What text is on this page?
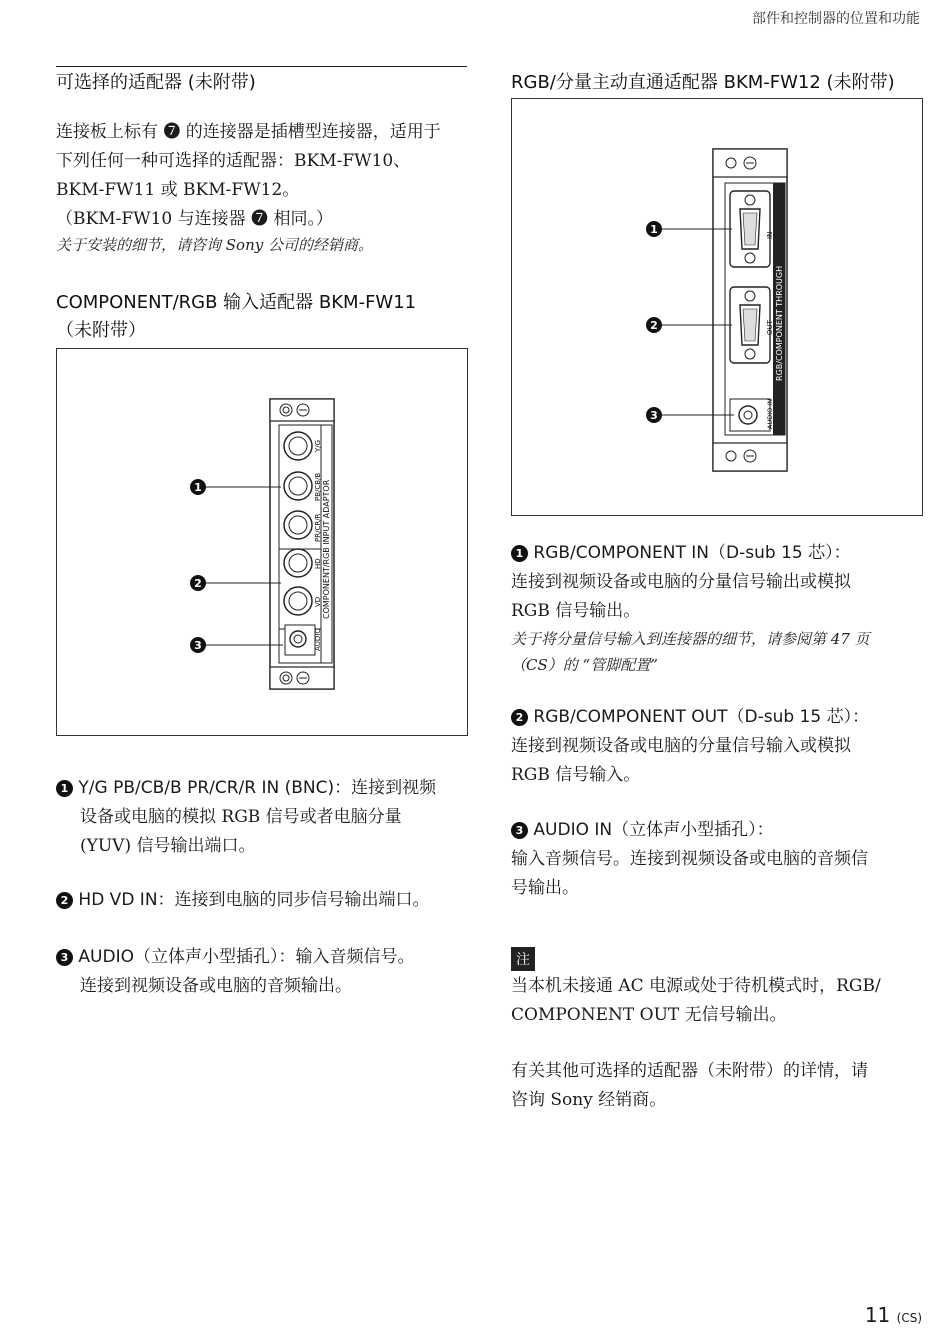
部件和控制器的位置和功能
可选择的适配器 (未附带)
连接板上标有 ❼ 的连接器是插槽型连接器，适用于
下列任何一种可选择的适配器：BKM-FW10、
BKM-FW11 或 BKM-FW12。
（BKM-FW10 与连接器 ❼ 相同。）
关于安装的细节，请咨询 Sony 公司的经销商。
COMPONENT/RGB 输入适配器 BKM-FW11
（未附带）
COMPONENT/RGB INPUT ADAPTOR
Y/G
PB/CB/B
PR/CR/R
HD
VD
AUDIO
1
2
3
1 Y/G PB/CB/B PR/CR/R IN (BNC)：连接到视频
设备或电脑的模拟 RGB 信号或者电脑分量
(YUV) 信号输出端口。
2 HD VD IN：连接到电脑的同步信号输出端口。
3 AUDIO（立体声小型插孔）：输入音频信号。
连接到视频设备或电脑的音频输出。
RGB/分量主动直通适配器 BKM-FW12 (未附带)
RGB/COMPONENT THROUGH
IN
OUT
AUDIO IN
1
2
3
1 RGB/COMPONENT IN（D-sub 15 芯）：
连接到视频设备或电脑的分量信号输出或模拟
RGB 信号输出。
关于将分量信号输入到连接器的细节，请参阅第 47 页
（CS）的 “管脚配置”
2 RGB/COMPONENT OUT（D-sub 15 芯）：
连接到视频设备或电脑的分量信号输入或模拟
RGB 信号输入。
3 AUDIO IN（立体声小型插孔）：
输入音频信号。连接到视频设备或电脑的音频信
号输出。
注
当本机未接通 AC 电源或处于待机模式时，RGB/
COMPONENT OUT 无信号输出。
有关其他可选择的适配器（未附带）的详情，请
咨询 Sony 经销商。
11 (CS)
